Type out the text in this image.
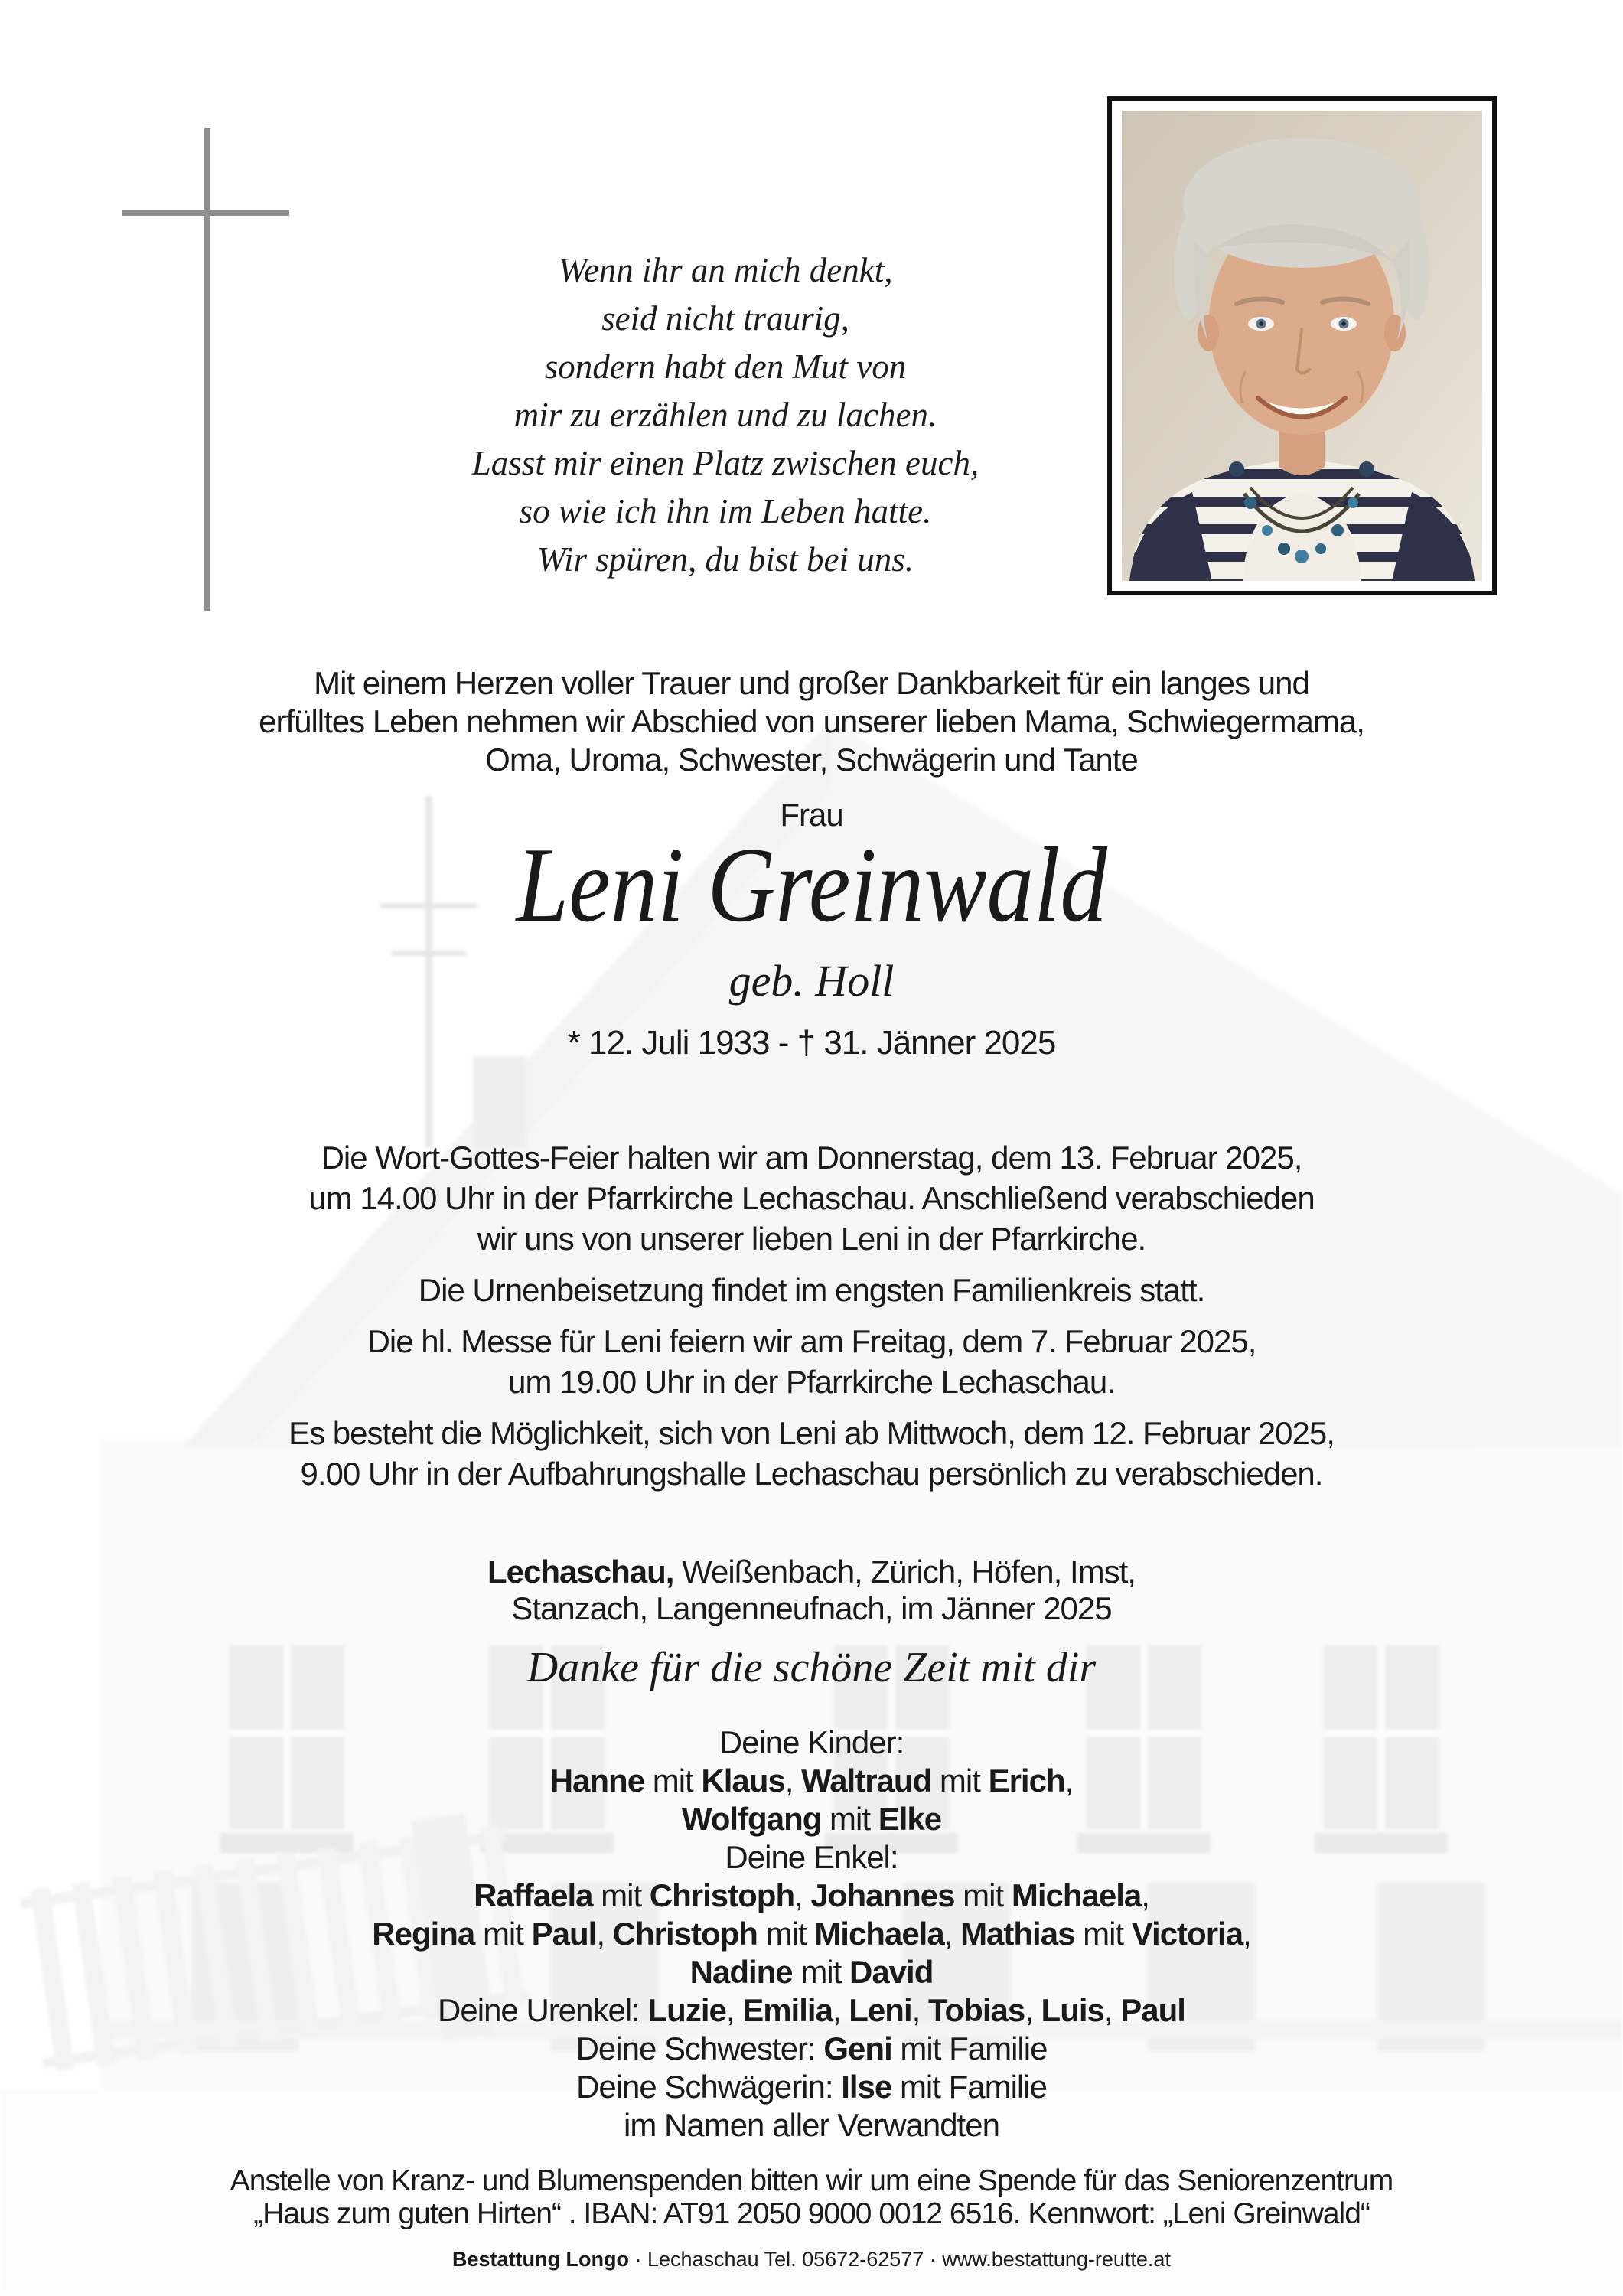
Wenn ihr an mich denkt,
seid nicht traurig,
sondern habt den Mut von
mir zu erzählen und zu lachen.
Lasst mir einen Platz zwischen euch,
so wie ich ihn im Leben hatte.
Wir spüren, du bist bei uns.
Mit einem Herzen voller Trauer und großer Dankbarkeit für ein langes und
erfülltes Leben nehmen wir Abschied von unserer lieben Mama, Schwiegermama,
Oma, Uroma, Schwester, Schwägerin und Tante
Frau
Leni Greinwald
geb. Holl
* 12. Juli 1933 - † 31. Jänner 2025
Die Wort-Gottes-Feier halten wir am Donnerstag, dem 13. Februar 2025,
um 14.00 Uhr in der Pfarrkirche Lechaschau. Anschließend verabschieden
wir uns von unserer lieben Leni in der Pfarrkirche.
Die Urnenbeisetzung findet im engsten Familienkreis statt.
Die hl. Messe für Leni feiern wir am Freitag, dem 7. Februar 2025,
um 19.00 Uhr in der Pfarrkirche Lechaschau.
Es besteht die Möglichkeit, sich von Leni ab Mittwoch, dem 12. Februar 2025,
9.00 Uhr in der Aufbahrungshalle Lechaschau persönlich zu verabschieden.
Lechaschau, Weißenbach, Zürich, Höfen, Imst,
Stanzach, Langenneufnach, im Jänner 2025
Danke für die schöne Zeit mit dir
Deine Kinder:
Hanne mit Klaus, Waltraud mit Erich,
Wolfgang mit Elke
Deine Enkel:
Raffaela mit Christoph, Johannes mit Michaela,
Regina mit Paul, Christoph mit Michaela, Mathias mit Victoria,
Nadine mit David
Deine Urenkel: Luzie, Emilia, Leni, Tobias, Luis, Paul
Deine Schwester: Geni mit Familie
Deine Schwägerin: Ilse mit Familie
im Namen aller Verwandten
Anstelle von Kranz- und Blumenspenden bitten wir um eine Spende für das Seniorenzentrum
„Haus zum guten Hirten“ . IBAN: AT91 2050 9000 0012 6516. Kennwort: „Leni Greinwald“
Bestattung Longo · Lechaschau Tel. 05672-62577 · www.bestattung-reutte.at
